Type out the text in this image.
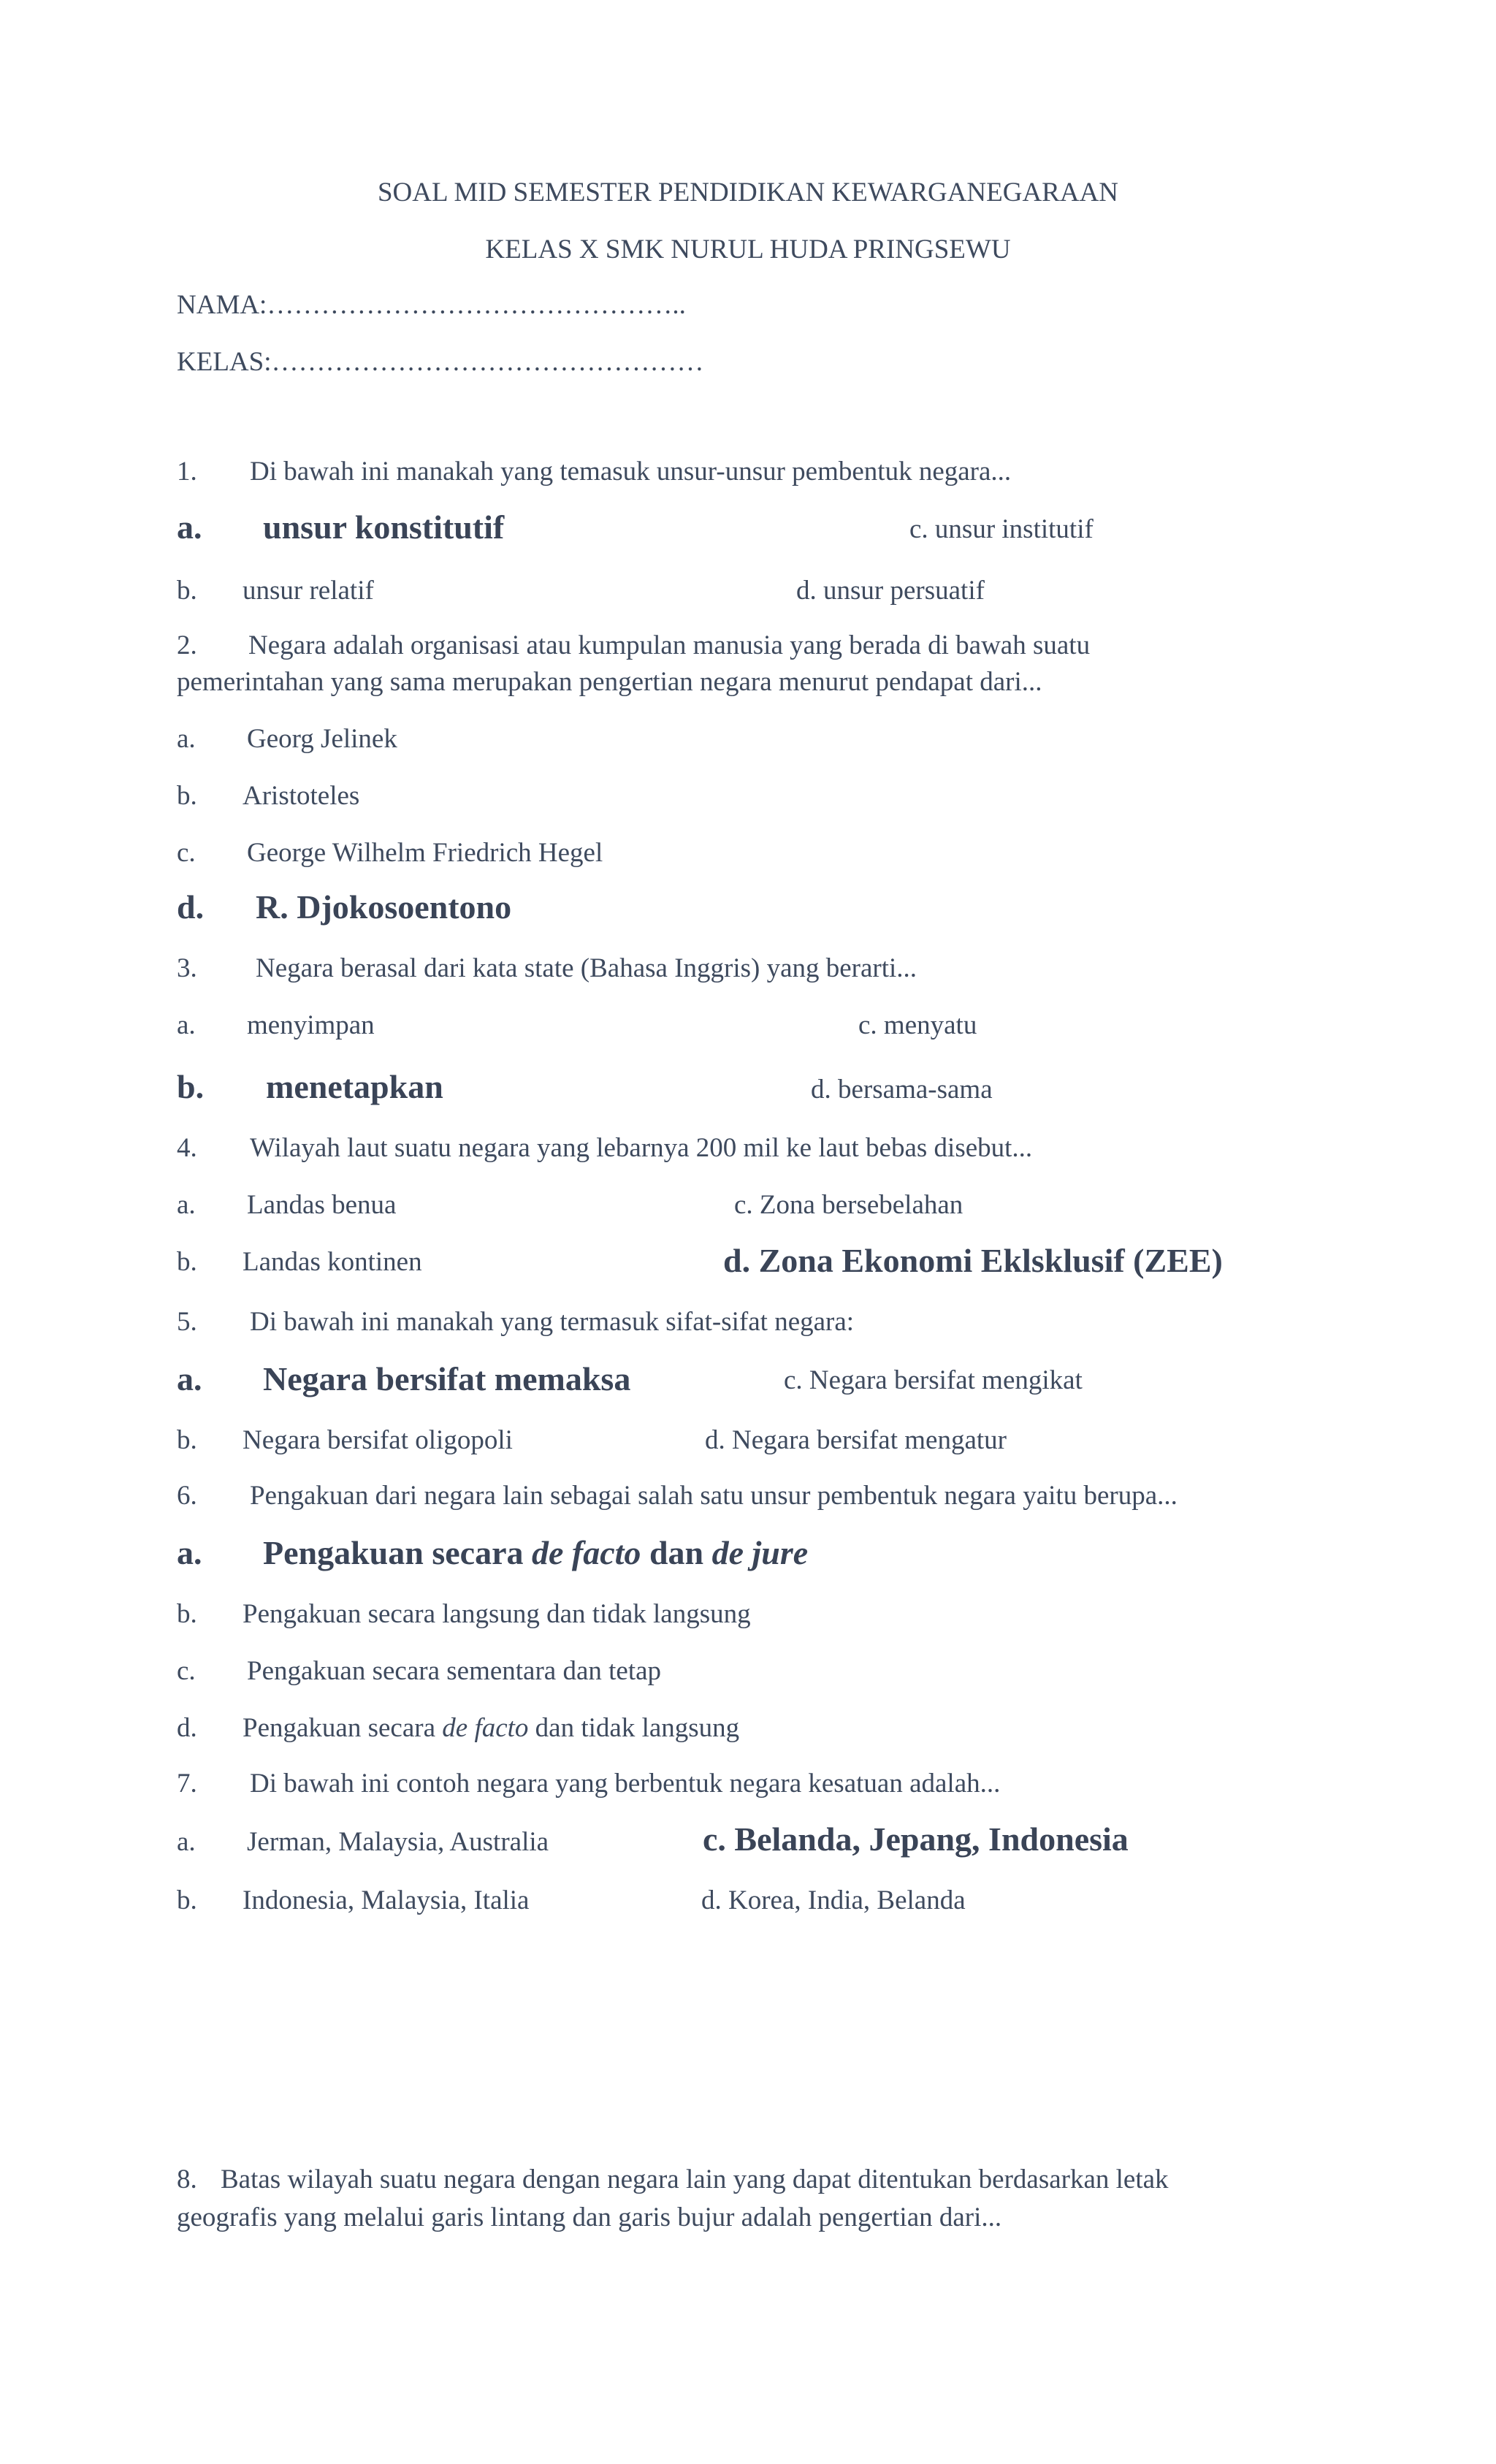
SOAL MID SEMESTER PENDIDIKAN KEWARGANEGARAAN
KELAS X SMK NURUL HUDA PRINGSEWU
NAMA:………………………………………..
KELAS:…………………………………………
1. Di bawah ini manakah yang temasuk unsur-unsur pembentuk negara...
a. unsur konstitutif	c. unsur institutif
b. unsur relatif	d. unsur persuatif
2. Negara adalah organisasi atau kumpulan manusia yang berada di bawah suatu
pemerintahan yang sama merupakan pengertian negara menurut pendapat dari...
a. Georg Jelinek
b. Aristoteles
c. George Wilhelm Friedrich Hegel
d. R. Djokosoentono
3. Negara berasal dari kata state (Bahasa Inggris) yang berarti...
a. menyimpan	c. menyatu
b. menetapkan	d. bersama-sama
4. Wilayah laut suatu negara yang lebarnya 200 mil ke laut bebas disebut...
a. Landas benua	c. Zona bersebelahan
b. Landas kontinen	d. Zona Ekonomi Eklsklusif (ZEE)
5. Di bawah ini manakah yang termasuk sifat-sifat negara:
a. Negara bersifat memaksa	c. Negara bersifat mengikat
b. Negara bersifat oligopoli	d. Negara bersifat mengatur
6. Pengakuan dari negara lain sebagai salah satu unsur pembentuk negara yaitu berupa...
a. Pengakuan secara de facto dan de jure
b. Pengakuan secara langsung dan tidak langsung
c. Pengakuan secara sementara dan tetap
d. Pengakuan secara de facto dan tidak langsung
7. Di bawah ini contoh negara yang berbentuk negara kesatuan adalah...
a. Jerman, Malaysia, Australia	c. Belanda, Jepang, Indonesia
b. Indonesia, Malaysia, Italia	d. Korea, India, Belanda
8. Batas wilayah suatu negara dengan negara lain yang dapat ditentukan berdasarkan letak
geografis yang melalui garis lintang dan garis bujur adalah pengertian dari...
